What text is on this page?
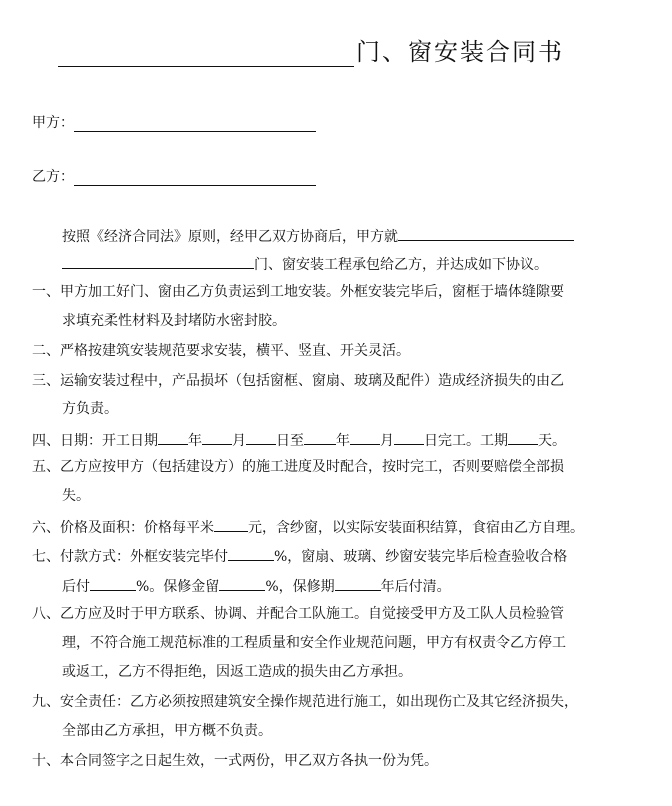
门、窗安装合同书
甲方：
乙方：
按照《经济合同法》原则，经甲乙双方协商后，甲方就
门、窗安装工程承包给乙方，并达成如下协议。
一、甲方加工好门、窗由乙方负责运到工地安装。外框安装完毕后，窗框于墙体缝隙要
求填充柔性材料及封堵防水密封胶。
二、严格按建筑安装规范要求安装，横平、竖直、开关灵活。
三、运输安装过程中，产品损坏（包括窗框、窗扇、玻璃及配件）造成经济损失的由乙
方负责。
四、日期：开工日期 年 月 日至 年 月 日完工。工期 天。
五、乙方应按甲方（包括建设方）的施工进度及时配合，按时完工，否则要赔偿全部损
失。
六、价格及面积：价格每平米 元，含纱窗，以实际安装面积结算，食宿由乙方自理。
七、付款方式：外框安装完毕付	%，窗扇、玻璃、纱窗安装完毕后检查验收合格
后付	%。保修金留	%，保修期	年后付清。
八、乙方应及时于甲方联系、协调、并配合工队施工。自觉接受甲方及工队人员检验管
理，不符合施工规范标准的工程质量和安全作业规范问题，甲方有权责令乙方停工
或返工，乙方不得拒绝，因返工造成的损失由乙方承担。
九、安全责任：乙方必须按照建筑安全操作规范进行施工，如出现伤亡及其它经济损失，
全部由乙方承担，甲方概不负责。
十、本合同签字之日起生效，一式两份，甲乙双方各执一份为凭。
